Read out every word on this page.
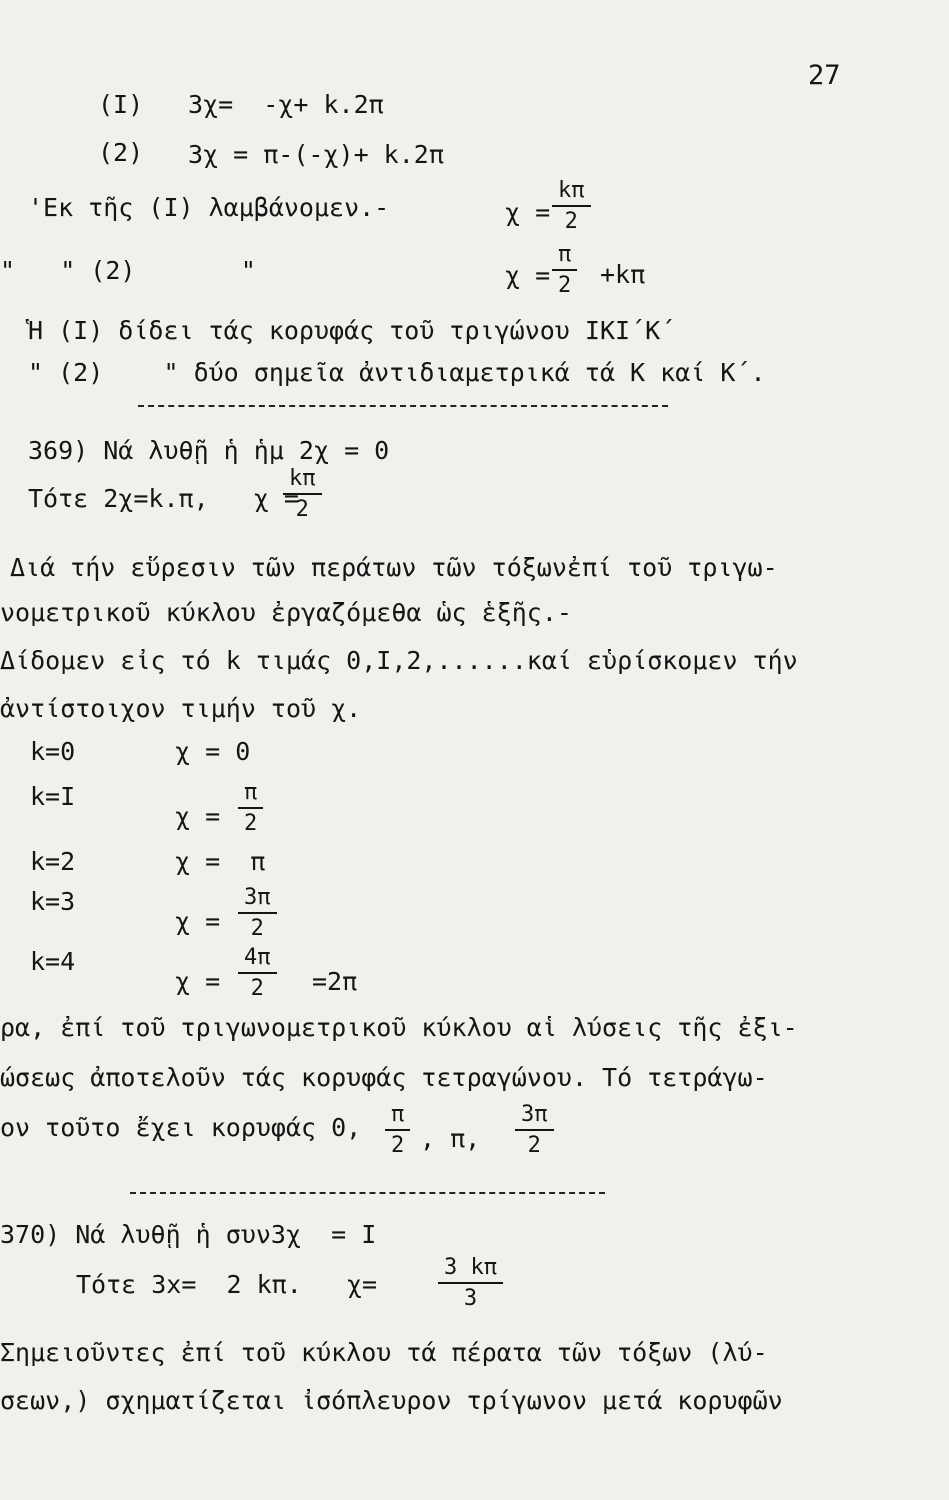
27
(I) 3χ=  -χ+ k.2π
(2) 3χ = π-(-χ)+ k.2π
'Εκ τῆς (I) λαμβάνομεν.-	$\chi = \frac{k\pi}{2}$
"   " (2)       "	$\chi = \frac{\pi}{2} +k\pi$
Ἡ (I) δίδει τάς κορυφάς τοῦ τριγώνου ΙΚΙ΄Κ΄
" (2)    " δύο σημεῖα ἀντιδιαμετρικά τά Κ καί Κ΄.
369) Νά λυθῇ ἡ ἡμ 2χ = 0
Τότε 2χ=k.π,   χ =
$\frac{k\pi}{2}$
Διά τήν εὕρεσιν τῶν περάτων τῶν τόξωνἐπί τοῦ τριγω-
νομετρικοῦ κύκλου ἐργαζόμεθα ὡς ἑξῆς.-
Δίδομεν εἰς τό k τιμάς 0,I,2,......καί εὑρίσκομεν τήν
ἀντίστοιχον τιμήν τοῦ χ.
k=0	χ = 0
k=I
$\chi = \frac{\pi}{2}$
k=2	χ =  π
k=3
$\chi = \frac{3\pi}{2}$
k=4
$\chi = \frac{4\pi}{2} =2\pi$
ρα, ἐπί τοῦ τριγωνομετρικοῦ κύκλου αἱ λύσεις τῆς ἐξι-
ώσεως ἀποτελοῦν τάς κορυφάς τετραγώνου. Τό τετράγω-
ον τοῦτο ἔχει κορυφάς 0, $\frac{\pi}{2}$ , π, $\frac{3\pi}{2}$
370) Νά λυθῇ ἡ συν3χ  = I
Τότε 3x=  2 kπ.   χ=	$\frac{3 k\pi}{3}$
Σημειοῦντες ἐπί τοῦ κύκλου τά πέρατα τῶν τόξων (λύ-
σεων,) σχηματίζεται ἰσόπλευρον τρίγωνον μετά κορυφῶν
